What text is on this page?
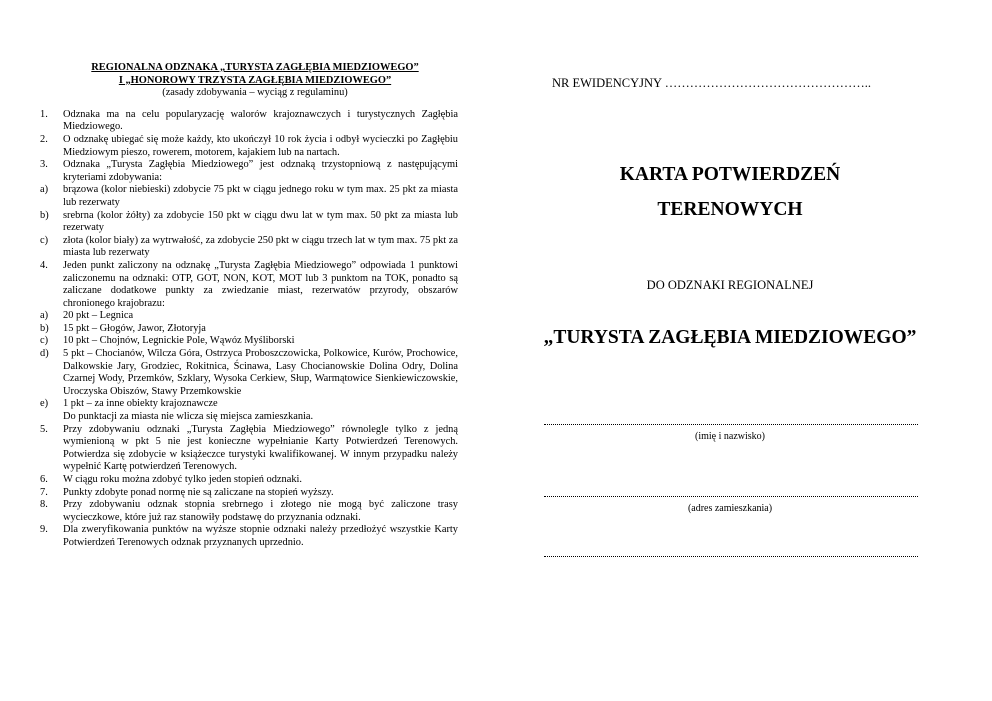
REGIONALNA ODZNAKA „TURYSTA ZAGŁĘBIA MIEDZIOWEGO”
I „HONOROWY TRZYSTA ZAGŁĘBIA MIEDZIOWEGO”
(zasady zdobywania – wyciąg z regulaminu)
1. Odznaka ma na celu popularyzację walorów krajoznawczych i turystycznych Zagłębia Miedziowego.
2. O odznakę ubiegać się może każdy, kto ukończył 10 rok życia i odbył wycieczki po Zagłębiu Miedziowym pieszo, rowerem, motorem, kajakiem lub na nartach.
3. Odznaka „Turysta Zagłębia Miedziowego” jest odznaką trzystopniową z następującymi kryteriami zdobywania:
a) brązowa (kolor niebieski) zdobycie 75 pkt w ciągu jednego roku w tym max. 25 pkt za miasta lub rezerwaty
b) srebrna (kolor żółty) za zdobycie 150 pkt w ciągu dwu lat w tym max. 50 pkt za miasta lub rezerwaty
c) złota (kolor biały) za wytrwałość, za zdobycie 250 pkt w ciągu trzech lat w tym max. 75 pkt za miasta lub rezerwaty
4. Jeden punkt zaliczony na odznakę „Turysta Zagłębia Miedziowego” odpowiada 1 punktowi zaliczonemu na odznaki: OTP, GOT, NON, KOT, MOT lub 3 punktom na TOK, ponadto są zaliczane dodatkowe punkty za zwiedzanie miast, rezerwatów przyrody, obszarów chronionego krajobrazu:
a) 20 pkt – Legnica
b) 15 pkt – Głogów, Jawor, Złotoryja
c) 10 pkt – Chojnów, Legnickie Pole, Wąwóz Myśliborski
d) 5 pkt – Chocianów, Wilcza Góra, Ostrzyca Proboszczowicka, Polkowice, Kurów, Prochowice, Dalkowskie Jary, Grodziec, Rokitnica, Ścinawa, Lasy Chocianowskie Dolina Odry, Dolina Czarnej Wody, Przemków, Szklary, Wysoka Cerkiew, Słup, Warmątowice Sienkiewiczowskie, Uroczyska Obiszów, Stawy Przemkowskie
e) 1 pkt – za inne obiekty krajoznawcze
Do punktacji za miasta nie wlicza się miejsca zamieszkania.
5. Przy zdobywaniu odznaki „Turysta Zagłębia Miedziowego” równolegle tylko z jedną wymienioną w pkt 5 nie jest konieczne wypełnianie Karty Potwierdzeń Terenowych. Potwierdza się zdobycie w książeczce turystyki kwalifikowanej. W innym przypadku należy wypełnić Kartę potwierdzeń Terenowych.
6. W ciągu roku można zdobyć tylko jeden stopień odznaki.
7. Punkty zdobyte ponad normę nie są zaliczane na stopień wyższy.
8. Przy zdobywaniu odznak stopnia srebrnego i złotego nie mogą być zaliczone trasy wycieczkowe, które już raz stanowiły podstawę do przyznania odznaki.
9. Dla zweryfikowania punktów na wyższe stopnie odznaki należy przedłożyć wszystkie Karty Potwierdzeń Terenowych odznak przyznanych uprzednio.
NR EWIDENCYJNY …………………………………………..
KARTA POTWIERDZEŃ
TERENOWYCH
DO ODZNAKI REGIONALNEJ
„TURYSTA ZAGŁĘBIA MIEDZIOWEGO”
(imię i nazwisko)
(adres zamieszkania)
